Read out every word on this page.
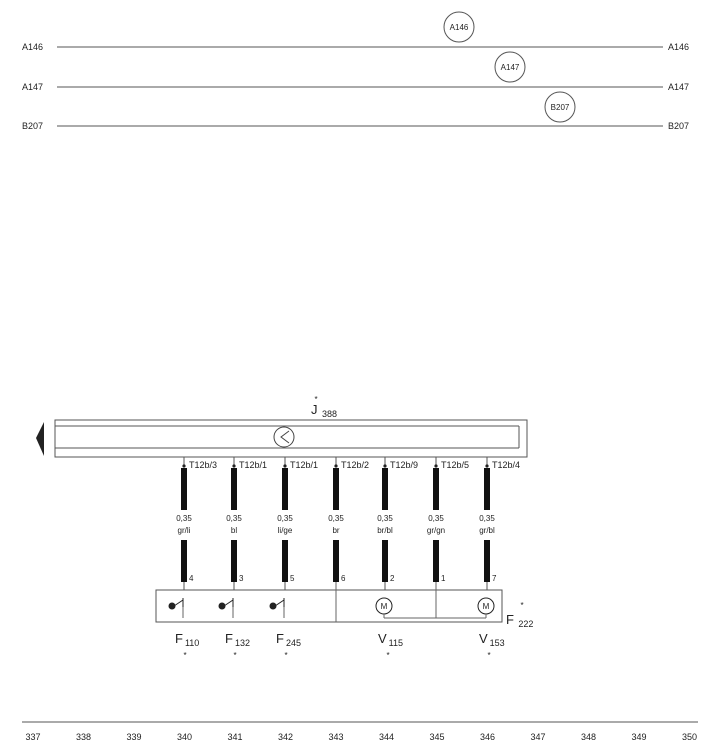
A146
A147
B207
A146
A147
B207
A146
A147
B207
*
J 388
T12b/3
0,35
gr/li
4
T12b/1
0,35
bl
3
T12b/1
0,35
li/ge
5
T12b/2
0,35
br
6
T12b/9
0,35
br/bl
2
T12b/5
0,35
gr/gn
1
T12b/4
0,35
gr/bl
7
*
F 222
M	M
F 110
*
F 132
*
F 245
*
V 115
*
V 153
*
337	338	339	340	341	342	343	344	345	346	347	348	349	350
